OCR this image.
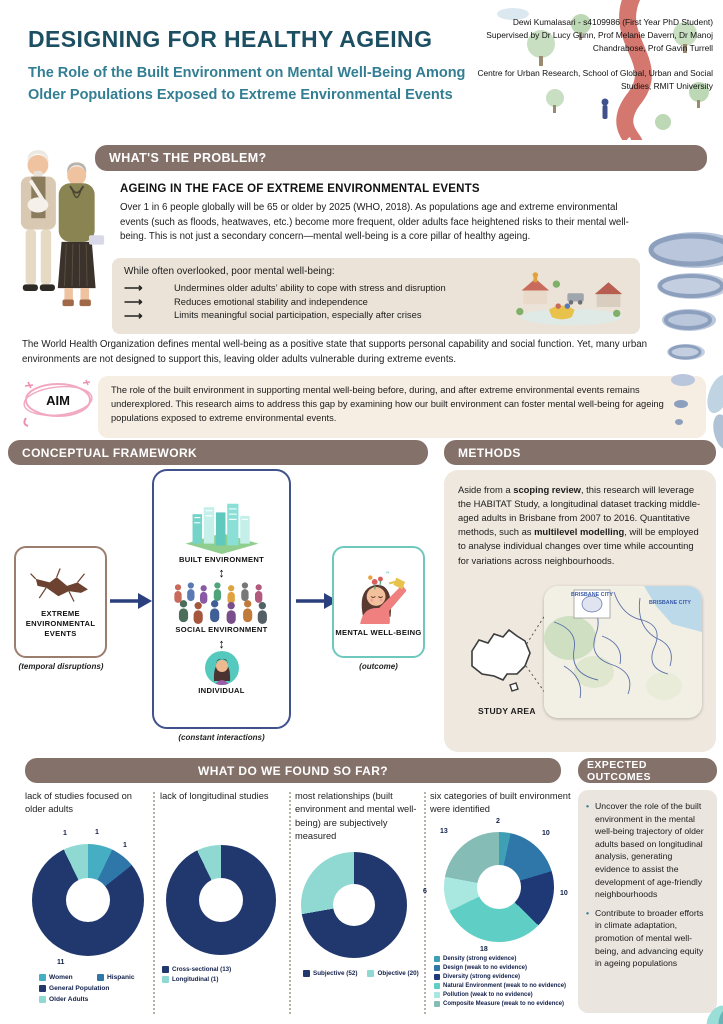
DESIGNING FOR HEALTHY AGEING
The Role of the Built Environment on Mental Well-Being Among Older Populations Exposed to Extreme Environmental Events
Dewi Kumalasari - s4109986 (First Year PhD Student)
Supervised by Dr Lucy Gunn, Prof Melanie Davern, Dr Manoj Chandrabose, Prof Gavin Turrell
Centre for Urban Research, School of Global, Urban and Social Studies, RMIT University
WHAT'S THE PROBLEM?
AGEING IN THE FACE OF EXTREME ENVIRONMENTAL EVENTS
Over 1 in 6 people globally will be 65 or older by 2025 (WHO, 2018). As populations age and extreme environmental events (such as floods, heatwaves, etc.) become more frequent, older adults face heightened risks to their mental well-being. This is not just a secondary concern—mental well-being is a core pillar of healthy ageing.
While often overlooked, poor mental well-being:
⟶	Undermines older adults’ ability to cope with stress and disruption
⟶	Reduces emotional stability and independence
⟶	Limits meaningful social participation, especially after crises
The World Health Organization defines mental well-being as a positive state that supports personal capability and social function. Yet, many urban environments are not designed to support this, leaving older adults vulnerable during extreme events.
AIM
The role of the built environment in supporting mental well-being before, during, and after extreme environmental events remains underexplored. This research aims to address this gap by examining how our built environment can foster mental well-being for ageing populations exposed to extreme environmental events.
CONCEPTUAL FRAMEWORK
EXTREME ENVIRONMENTAL EVENTS
(temporal disruptions)
BUILT ENVIRONMENT
↕
SOCIAL ENVIRONMENT
↕
INDIVIDUAL
(constant interactions)
MENTAL WELL-BEING
(outcome)
METHODS
Aside from a scoping review, this research will leverage the HABITAT Study, a longitudinal dataset tracking middle-aged adults in Brisbane from 2007 to 2016. Quantitative methods, such as multilevel modelling, will be employed to analyse individual changes over time while accounting for variations across neighbourhoods.
STUDY AREA
BRISBANE CITY
BRISBANE CITY
WHAT DO WE FOUND SO FAR?	EXPECTED OUTCOMES
lack of studies focused on older adults
1	1
1
11
Women	Hispanic
General Population
Older Adults
lack of longitudinal studies
Cross-sectional (13)
Longitudinal (1)
most relationships (built environment and mental well-being) are subjectively measured
Subjective (52)	Objective (20)
six categories of built environment were identified
2
10
10
18
6
13
Density (strong evidence)
Design (weak to no evidence)
Diversity (strong evidence)
Natural Environment (weak to no evidence)
Pollution (weak to no evidence)
Composite Measure (weak to no evidence)
• Uncover the role of the built environment in the mental well-being trajectory of older adults based on longitudinal analysis, generating evidence to assist the development of age-friendly neighbourhoods
• Contribute to broader efforts in climate adaptation, promotion of mental well-being, and advancing equity in ageing populations
